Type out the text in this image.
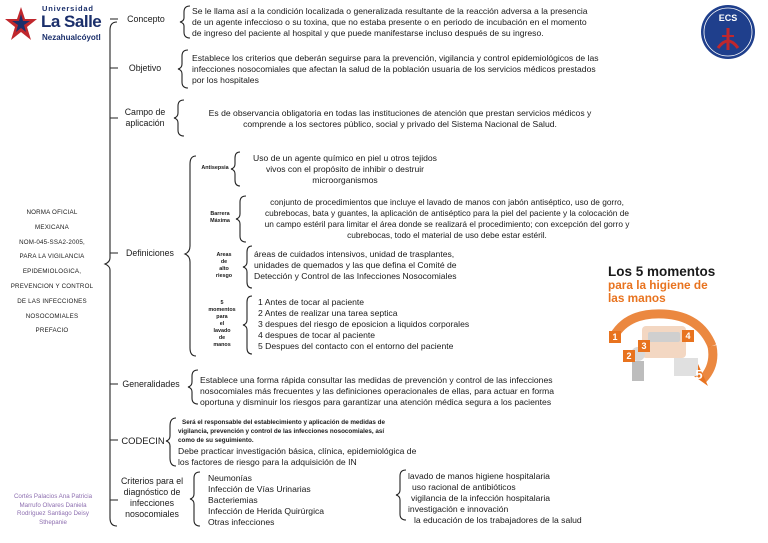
Universidad
La Salle
Nezahualcóyotl
ECS
NORMA OFICIAL
MEXICANA
NOM-045-SSA2-2005,
PARA LA VIGILANCIA
EPIDEMIOLOGICA,
PREVENCION Y CONTROL
DE LAS INFECCIONES
NOSOCOMIALES
PREFACIO
Cortés Palacios Ana Patricia
Marrufo Olvares Daniela
Rodríguez Santiago Deisy
Sthepanie
Concepto
Objetivo
Campo de
aplicación
Definiciones
Generalidades
CODECIN
Criterios para el
diagnóstico de
infecciones
nosocomiales
Se le llama así a la condición localizada o generalizada resultante de la reacción adversa a la presencia
de un agente infeccioso o su toxina, que no estaba presente o en periodo de incubación en el momento
de ingreso del paciente al hospital y que puede manifestarse incluso después de su ingreso.
Establece los criterios que deberán seguirse para la prevención, vigilancia y control epidemiológicos de las
infecciones nosocomiales que afectan la salud de la población usuaria de los servicios médicos prestados
por los hospitales
Es de observancia obligatoria en todas las instituciones de atención que prestan servicios médicos y
comprende a los sectores público, social y privado del Sistema Nacional de Salud.
Antisepsia
Barrera
Máxima
Areas
de
alto
riesgo
5
momentos
para
el
lavado
de
manos
Uso de un agente químico en piel u otros tejidos
vivos con el propósito de inhibir o destruir
microorganismos
conjunto de procedimientos que incluye el lavado de manos con jabón antiséptico, uso de gorro,
cubrebocas, bata y guantes, la aplicación de antiséptico para la piel del paciente y la colocación de
un campo estéril para limitar el área donde se realizará el procedimiento; con excepción del gorro y
cubrebocas, todo el material de uso debe estar estéril.
áreas de cuidados intensivos, unidad de trasplantes,
unidades de quemados y las que defina el Comité de
Detección y Control de las Infecciones Nosocomiales
1 Antes de tocar al paciente
2 Antes de realizar una tarea septica
3 despues del riesgo de eposicion a liquidos corporales
4 despues de tocar al paciente
5 Despues del contacto con el entorno del paciente
Establece una forma rápida consultar las medidas de prevención y control de las infecciones
nosocomiales más frecuentes y las definiciones operacionales de ellas, para actuar en forma
oportuna y disminuir los riesgos para garantizar una atención médica segura a los pacientes
Será el responsable del establecimiento y aplicación de medidas de
vigilancia, prevención y control de las infecciones nosocomiales, así
como de su seguimiento.
Debe practicar investigación básica, clínica, epidemiológica de
los factores de riesgo para la adquisición de IN
Neumonías
Infección de Vías Urinarias
Bacteriemias
Infección de Herida Quirúrgica
Otras infecciones
lavado de manos higiene hospitalaria
uso racional de antibióticos
vigilancia de la infección hospitalaria
investigación e innovación
la educación de los trabajadores de la salud
Los 5 momentos
para la higiene de
las manos
1
2
3
4
5
